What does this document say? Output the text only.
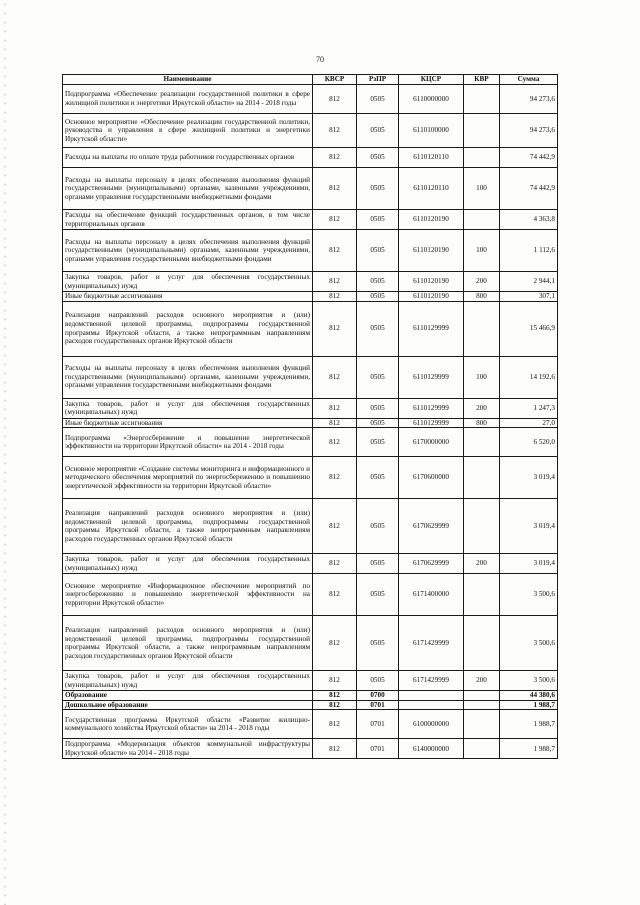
70
Наименование	КВСР	РзПР	КЦСР	КВР	Сумма
Подпрограмма «Обеспечение реализации государственной политики в сфере жилищной политики и энергетики Иркутской области» на 2014 - 2018 годы	812	0505	6110000000		94 273,6
Основное мероприятие «Обеспечение реализации государственной политики, руководства и управления в сфере жилищной политики и энергетики Иркутской области»	812	0505	6110100000		94 273,6
Расходы на выплаты по оплате труда работников государственных органов	812	0505	6110120110		74 442,9
Расходы на выплаты персоналу в целях обеспечения выполнения функций государственными (муниципальными) органами, казенными учреждениями, органами управления государственными внебюджетными фондами	812	0505	6110120110	100	74 442,9
Расходы на обеспечение функций государственных органов, в том числе территориальных органов	812	0505	6110120190		4 363,8
Расходы на выплаты персоналу в целях обеспечения выполнения функций государственными (муниципальными) органами, казенными учреждениями, органами управления государственными внебюджетными фондами	812	0505	6110120190	100	1 112,6
Закупка товаров, работ и услуг для обеспечения государственных (муниципальных) нужд	812	0505	6110120190	200	2 944,1
Иные бюджетные ассигнования	812	0505	6110120190	800	307,1
Реализация направлений расходов основного мероприятия и (или) ведомственной целевой программы, подпрограммы государственной программы Иркутской области, а также непрограммным направлениям расходов государственных органов Иркутской области	812	0505	6110129999		15 466,9
Расходы на выплаты персоналу в целях обеспечения выполнения функций государственными (муниципальными) органами, казенными учреждениями, органами управления государственными внебюджетными фондами	812	0505	6110129999	100	14 192,6
Закупка товаров, работ и услуг для обеспечения государственных (муниципальных) нужд	812	0505	6110129999	200	1 247,3
Иные бюджетные ассигнования	812	0505	6110129999	800	27,0
Подпрограмма «Энергосбережение и повышение энергетической эффективности на территории Иркутской области» на 2014 - 2018 годы	812	0505	6170000000		6 520,0
Основное мероприятие «Создание системы мониторинга и информационного и методического обеспечения мероприятий по энергосбережению и повышению энергетической эффективности на территории Иркутской области»	812	0505	6170600000		3 019,4
Реализация направлений расходов основного мероприятия и (или) ведомственной целевой программы, подпрограммы государственной программы Иркутской области, а также непрограммным направлениям расходов государственных органов Иркутской области	812	0505	6170629999		3 019,4
Закупка товаров, работ и услуг для обеспечения государственных (муниципальных) нужд	812	0505	6170629999	200	3 019,4
Основное мероприятие «Информационное обеспечение мероприятий по энергосбережению и повышению энергетической эффективности на территории Иркутской области»	812	0505	6171400000		3 500,6
Реализация направлений расходов основного мероприятия и (или) ведомственной целевой программы, подпрограммы государственной программы Иркутской области, а также непрограммным направлениям расходов государственных органов Иркутской области	812	0505	6171429999		3 500,6
Закупка товаров, работ и услуг для обеспечения государственных (муниципальных) нужд	812	0505	6171429999	200	3 500,6
Образование	812	0700			44 380,6
Дошкольное образование	812	0701			1 988,7
Государственная программа Иркутской области «Развитие жилищно-коммунального хозяйства Иркутской области» на 2014 - 2018 годы	812	0701	6100000000		1 988,7
Подпрограмма «Модернизация объектов коммунальной инфраструктуры Иркутской области» на 2014 - 2018 годы	812	0701	6140000000		1 988,7
